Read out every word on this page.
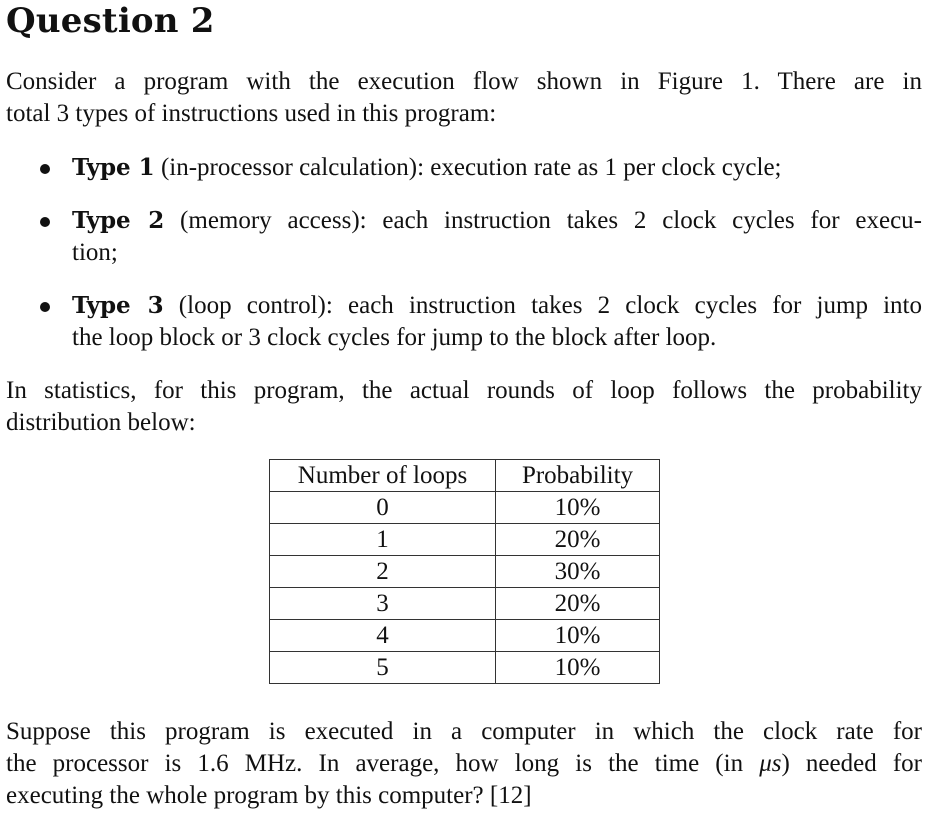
Question 2
Consider a program with the execution flow shown in Figure 1. There are in
total 3 types of instructions used in this program:
Type 1 (in-processor calculation): execution rate as 1 per clock cycle;
Type 2 (memory access): each instruction takes 2 clock cycles for execu-
tion;
Type 3 (loop control): each instruction takes 2 clock cycles for jump into
the loop block or 3 clock cycles for jump to the block after loop.
In statistics, for this program, the actual rounds of loop follows the probability
distribution below:
Number of loops	Probability
0	10%
1	20%
2	30%
3	20%
4	10%
5	10%
Suppose this program is executed in a computer in which the clock rate for
the processor is 1.6 MHz. In average, how long is the time (in μs) needed for
executing the whole program by this computer? [12]
